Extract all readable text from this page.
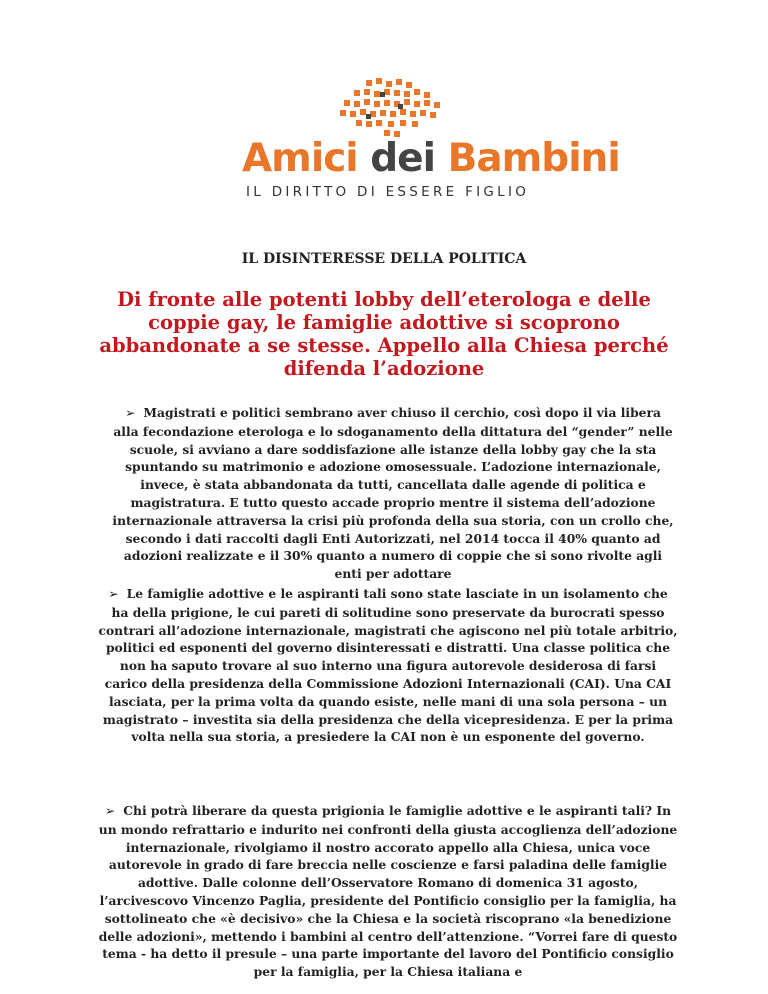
Amici dei Bambini
IL DIRITTO DI ESSERE FIGLIO
IL DISINTERESSE DELLA POLITICA
Di fronte alle potenti lobby dell’eterologa e delle coppie gay, le famiglie adottive si scoprono abbandonate a se stesse. Appello alla Chiesa perché difenda l’adozione
➢ Magistrati e politici sembrano aver chiuso il cerchio, così dopo il via libera alla fecondazione eterologa e lo sdoganamento della dittatura del “gender” nelle scuole, si avviano a dare soddisfazione alle istanze della lobby gay che la sta spuntando su matrimonio e adozione omosessuale. L’adozione internazionale, invece, è stata abbandonata da tutti, cancellata dalle agende di politica e magistratura. E tutto questo accade proprio mentre il sistema dell’adozione internazionale attraversa la crisi più profonda della sua storia, con un crollo che, secondo i dati raccolti dagli Enti Autorizzati, nel 2014 tocca il 40% quanto ad adozioni realizzate e il 30% quanto a numero di coppie che si sono rivolte agli enti per adottare
➢ Le famiglie adottive e le aspiranti tali sono state lasciate in un isolamento che ha della prigione, le cui pareti di solitudine sono preservate da burocrati spesso contrari all’adozione internazionale, magistrati che agiscono nel più totale arbitrio, politici ed esponenti del governo disinteressati e distratti. Una classe politica che non ha saputo trovare al suo interno una figura autorevole desiderosa di farsi carico della presidenza della Commissione Adozioni Internazionali (CAI). Una CAI lasciata, per la prima volta da quando esiste, nelle mani di una sola persona – un magistrato – investita sia della presidenza che della vicepresidenza. E per la prima volta nella sua storia, a presiedere la CAI non è un esponente del governo.
➢ Chi potrà liberare da questa prigionia le famiglie adottive e le aspiranti tali? In un mondo refrattario e indurito nei confronti della giusta accoglienza dell’adozione internazionale, rivolgiamo il nostro accorato appello alla Chiesa, unica voce autorevole in grado di fare breccia nelle coscienze e farsi paladina delle famiglie adottive. Dalle colonne dell’Osservatore Romano di domenica 31 agosto, l’arcivescovo Vincenzo Paglia, presidente del Pontificio consiglio per la famiglia, ha sottolineato che «è decisivo» che la Chiesa e la società riscoprano «la benedizione delle adozioni», mettendo i bambini al centro dell’attenzione. “Vorrei fare di questo tema - ha detto il presule – una parte importante del lavoro del Pontificio consiglio per la famiglia, per la Chiesa italiana e
